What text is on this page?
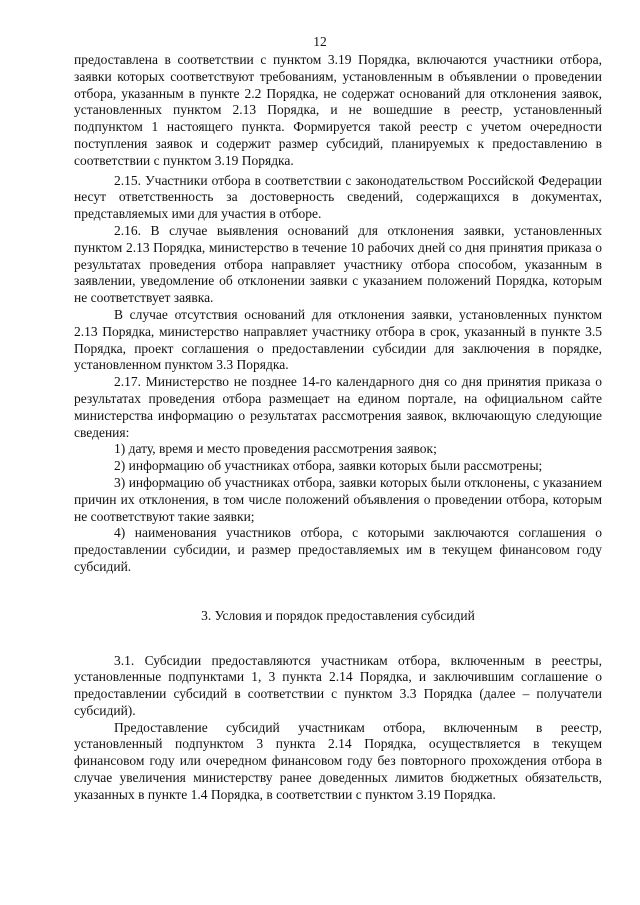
12

предоставлена в соответствии с пунктом 3.19 Порядка, включаются участники отбора, заявки которых соответствуют требованиям, установленным в объявлении о проведении отбора, указанным в пункте 2.2 Порядка, не содержат оснований для отклонения заявок, установленных пунктом 2.13 Порядка, и не вошедшие в реестр, установленный подпунктом 1 настоящего пункта. Формируется такой реестр с учетом очередности поступления заявок и содержит размер субсидий, планируемых к предоставлению в соответствии с пунктом 3.19 Порядка.

2.15. Участники отбора в соответствии с законодательством Российской Федерации несут ответственность за достоверность сведений, содержащихся в документах, представляемых ими для участия в отборе.

2.16. В случае выявления оснований для отклонения заявки, установленных пунктом 2.13 Порядка, министерство в течение 10 рабочих дней со дня принятия приказа о результатах проведения отбора направляет участнику отбора способом, указанным в заявлении, уведомление об отклонении заявки с указанием положений Порядка, которым не соответствует заявка.

В случае отсутствия оснований для отклонения заявки, установленных пунктом 2.13 Порядка, министерство направляет участнику отбора в срок, указанный в пункте 3.5 Порядка, проект соглашения о предоставлении субсидии для заключения в порядке, установленном пунктом 3.3 Порядка.

2.17. Министерство не позднее 14-го календарного дня со дня принятия приказа о результатах проведения отбора размещает на едином портале, на официальном сайте министерства информацию о результатах рассмотрения заявок, включающую следующие сведения:

1) дату, время и место проведения рассмотрения заявок;

2) информацию об участниках отбора, заявки которых были рассмотрены;

3) информацию об участниках отбора, заявки которых были отклонены, с указанием причин их отклонения, в том числе положений объявления о проведении отбора, которым не соответствуют такие заявки;

4) наименования участников отбора, с которыми заключаются соглашения о предоставлении субсидии, и размер предоставляемых им в текущем финансовом году субсидий.

3. Условия и порядок предоставления субсидий

3.1. Субсидии предоставляются участникам отбора, включенным в реестры, установленные подпунктами 1, 3 пункта 2.14 Порядка, и заключившим соглашение о предоставлении субсидий в соответствии с пунктом 3.3 Порядка (далее – получатели субсидий).

Предоставление субсидий участникам отбора, включенным в реестр, установленный подпунктом 3 пункта 2.14 Порядка, осуществляется в текущем финансовом году или очередном финансовом году без повторного прохождения отбора в случае увеличения министерству ранее доведенных лимитов бюджетных обязательств, указанных в пункте 1.4 Порядка, в соответствии с пунктом 3.19 Порядка.
